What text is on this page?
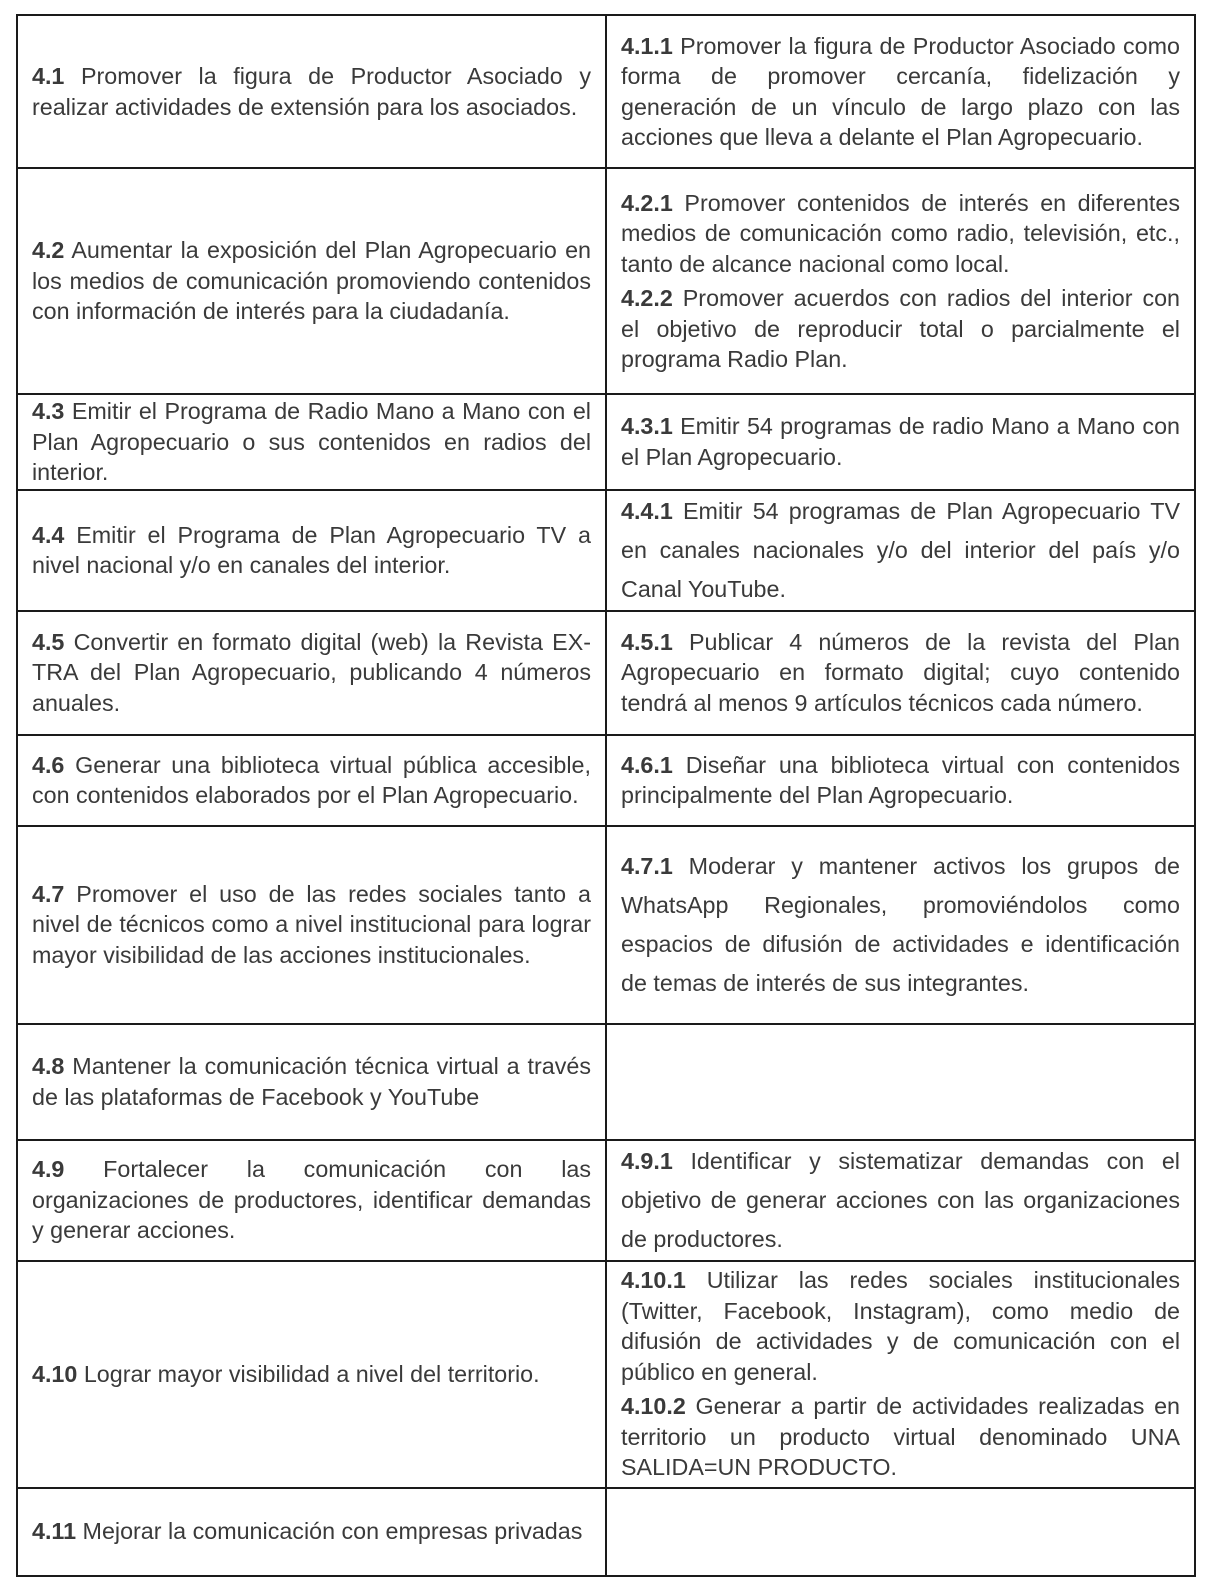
4.1 Promover la figura de Productor Asociado y realizar actividades de extensión para los asociados.	4.1.1 Promover la figura de Productor Asociado como forma de promover cercanía, fidelización y generación de un vínculo de largo plazo con las acciones que lleva a delante el Plan Agropecuario.

4.2 Aumentar la exposición del Plan Agropecuario en los medios de comunicación promoviendo contenidos con información de interés para la ciudadanía.	4.2.1 Promover contenidos de interés en diferentes medios de comunicación como radio, televisión, etc., tanto de alcance nacional como local.

4.2.2 Promover acuerdos con radios del interior con el objetivo de reproducir total o parcialmente el programa Radio Plan.

4.3 Emitir el Programa de Radio Mano a Mano con el Plan Agropecuario o sus contenidos en radios del interior.	4.3.1 Emitir 54 programas de radio Mano a Mano con el Plan Agropecuario.

4.4 Emitir el Programa de Plan Agropecuario TV a nivel nacional y/o en canales del interior.	4.4.1 Emitir 54 programas de Plan Agropecuario TV en canales nacionales y/o del interior del país y/o Canal YouTube.

4.5 Convertir en formato digital (web) la Revista EX-TRA del Plan Agropecuario, publicando 4 números anuales.	4.5.1 Publicar 4 números de la revista del Plan Agropecuario en formato digital; cuyo contenido tendrá al menos 9 artículos técnicos cada número.

4.6 Generar una biblioteca virtual pública accesible, con contenidos elaborados por el Plan Agropecuario.	4.6.1 Diseñar una biblioteca virtual con contenidos principalmente del Plan Agropecuario.

4.7 Promover el uso de las redes sociales tanto a nivel de técnicos como a nivel institucional para lograr mayor visibilidad de las acciones institucionales.	4.7.1 Moderar y mantener activos los grupos de WhatsApp Regionales, promoviéndolos como espacios de difusión de actividades e identificación de temas de interés de sus integrantes.

4.8 Mantener la comunicación técnica virtual a través de las plataformas de Facebook y YouTube	

4.9 Fortalecer la comunicación con las organizaciones de productores, identificar demandas y generar acciones.	4.9.1 Identificar y sistematizar demandas con el objetivo de generar acciones con las organizaciones de productores.

4.10 Lograr mayor visibilidad a nivel del territorio.	4.10.1 Utilizar las redes sociales institucionales (Twitter, Facebook, Instagram), como medio de difusión de actividades y de comunicación con el público en general.

4.10.2 Generar a partir de actividades realizadas en territorio un producto virtual denominado UNA SALIDA=UN PRODUCTO.

4.11 Mejorar la comunicación con empresas privadas	
